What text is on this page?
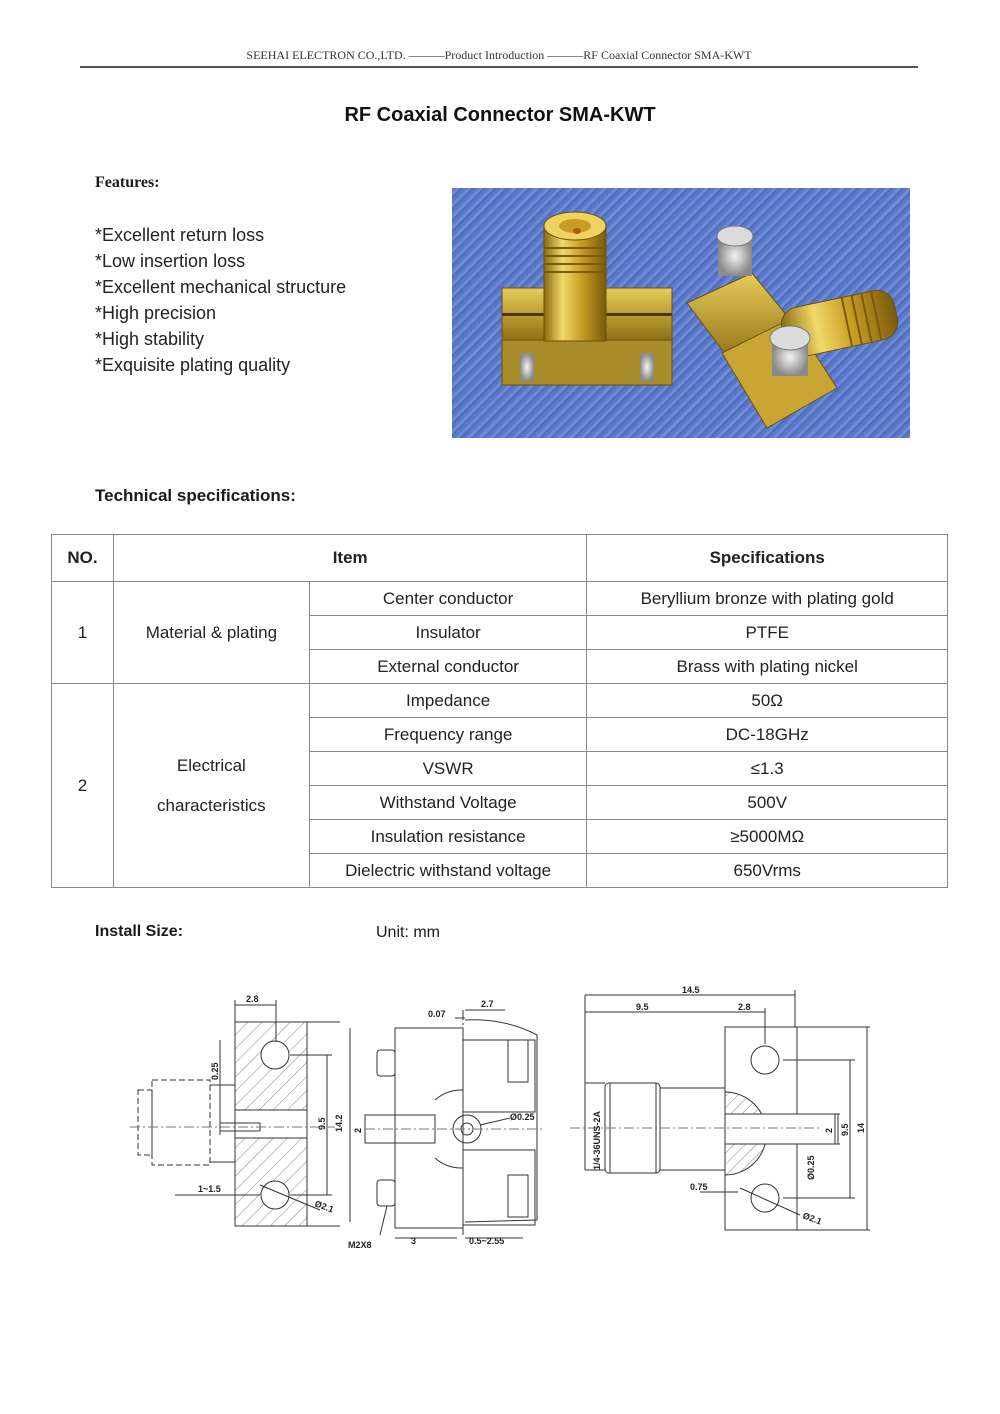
SEEHAI ELECTRON CO.,LTD. ———Product Introduction ———RF Coaxial Connector SMA-KWT
RF Coaxial Connector SMA-KWT
Features:
*Excellent return loss
*Low insertion loss
*Excellent mechanical structure
*High precision
*High stability
*Exquisite plating quality
Technical specifications:
NO.	Item		Specifications
1	Material & plating	Center conductor	Beryllium bronze with plating gold
		Insulator	PTFE
		External conductor	Brass with plating nickel
2	Electrical
characteristics	Impedance	50Ω
		Frequency range	DC-18GHz
		VSWR	≤1.3
		Withstand Voltage	500V
		Insulation resistance	≥5000MΩ
		Dielectric withstand voltage	650Vrms
Install Size:	Unit: mm
2.8
0.25
9.5 14.2
1~1.5
Ø2.1
0.07
2.7
2
Ø0.25
M2X8	3	0.5~2.55
14.5
9.5	2.8
1/4-36UNS-2A	2 9.5 14
Ø0.25
0.75
Ø2.1
